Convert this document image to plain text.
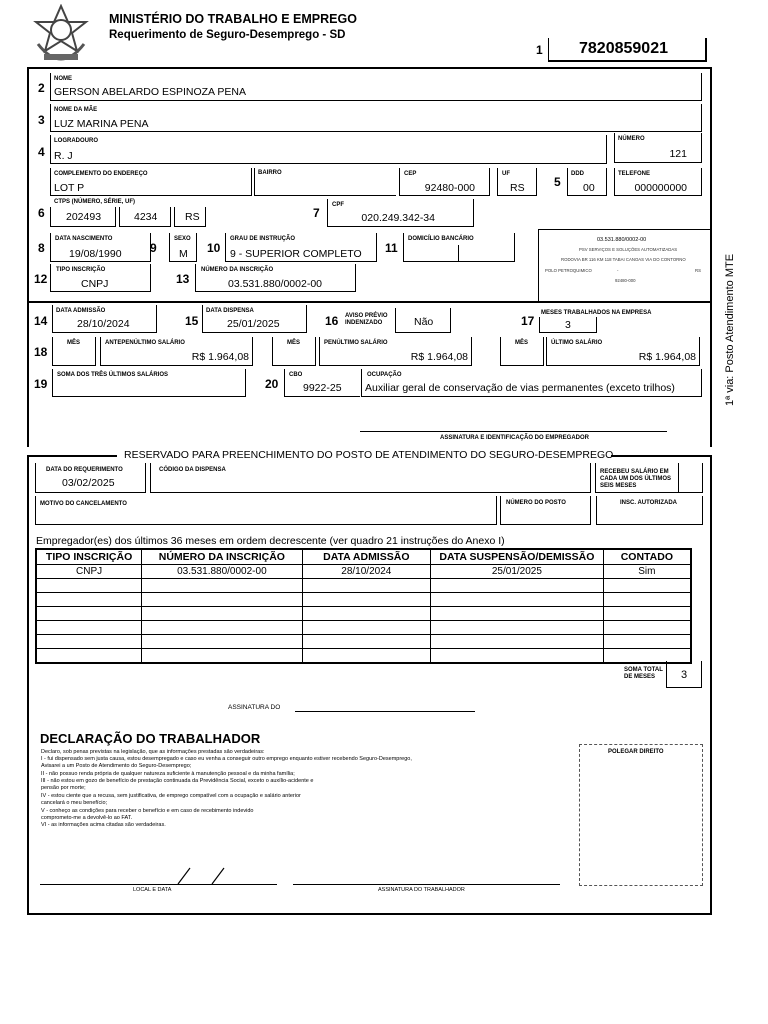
MINISTÉRIO DO TRABALHO E EMPREGO
Requerimento de Seguro-Desemprego - SD
1 7820859021
1ª via: Posto Atendimento MTE
2
NOME
GERSON ABELARDO ESPINOZA PENA
3
NOME DA MÃE
LUZ MARINA PENA
4
LOGRADOURO
R. J
NÚMERO
121
COMPLEMENTO DO ENDEREÇO
LOT P
BAIRRO	CEP
92480-000
UF
RS 5
DDD
00
TELEFONE
000000000
6
CTPS (NÚMERO, SÉRIE, UF)
202493	4234	RS	7
CPF
020.249.342-34
8
DATA NASCIMENTO
19/08/1990 9
SEXO
M 10
GRAU DE INSTRUÇÃO
9 - SUPERIOR COMPLETO 11
DOMICÍLIO BANCÁRIO	03.531.880/0002-00
PSV SERVIÇOS E SOLUÇÕES AUTOMATIZADAS
RODOVIA BR 116 KM 118 TABAI CANOAS VIA DO CONTORNO
POLO PETROQUIMICO	-	RS
92480-000
12
TIPO INSCRIÇÃO
CNPJ	13
NÚMERO DA INSCRIÇÃO
03.531.880/0002-00
14
DATA ADMISSÃO
28/10/2024	15
DATA DISPENSA
25/01/2025	16 AVISO PRÉVIO
INDENIZADO	Não	17
MESES TRABALHADOS NA EMPRESA
3
18
MÊS	ANTEPENÚLTIMO SALÁRIO
R$ 1.964,08
MÊS	PENÚLTIMO SALÁRIO
R$ 1.964,08
MÊS	ÚLTIMO SALÁRIO
R$ 1.964,08
19
SOMA DOS TRÊS ÚLTIMOS SALÁRIOS
20
CBO
9922-25
OCUPAÇÃO
Auxiliar geral de conservação de vias permanentes (exceto trilhos)
ASSINATURA E IDENTIFICAÇÃO DO EMPREGADOR
RESERVADO PARA PREENCHIMENTO DO POSTO DE ATENDIMENTO DO SEGURO-DESEMPREGO
DATA DO REQUERIMENTO
03/02/2025
CÓDIGO DA DISPENSA	RECEBEU SALÁRIO EM
CADA UM DOS ÚLTIMOS
SEIS MESES
MOTIVO DO CANCELAMENTO	NÚMERO DO POSTO	INSC. AUTORIZADA
Empregador(es) dos últimos 36 meses em ordem decrescente (ver quadro 21 instruções do Anexo I)
TIPO INSCRIÇÃO	NÚMERO DA INSCRIÇÃO	DATA ADMISSÃO	DATA SUSPENSÃO/DEMISSÃO	CONTADO
CNPJ	03.531.880/0002-00	28/10/2024	25/01/2025	Sim

SOMA TOTAL
DE MESES 3
ASSINATURA DO
DECLARAÇÃO DO TRABALHADOR
Declaro, sob penas previstas na legislação, que as informações prestadas são verdadeiras:
I - fui dispensado sem justa causa, estou desempregado e caso eu venha a conseguir outro emprego enquanto estiver recebendo Seguro-Desemprego,
Avisarei a um Posto de Atendimento do Seguro-Desemprego;
II - não possuo renda própria de qualquer natureza suficiente à manutenção pessoal e da minha família;
III - não estou em gozo de benefício de prestação continuada da Previdência Social, exceto o auxílio-acidente e
pensão por morte;
IV - estou ciente que a recusa, sem justificativa, de emprego compatível com a ocupação e salário anterior
cancelará o meu benefício;
V - conheço as condições para receber o benefício e em caso de recebimento indevido
comprometo-me a devolvê-lo ao FAT.
VI - as informações acima citadas são verdadeiras.
POLEGAR DIREITO
LOCAL E DATA	ASSINATURA DO TRABALHADOR
